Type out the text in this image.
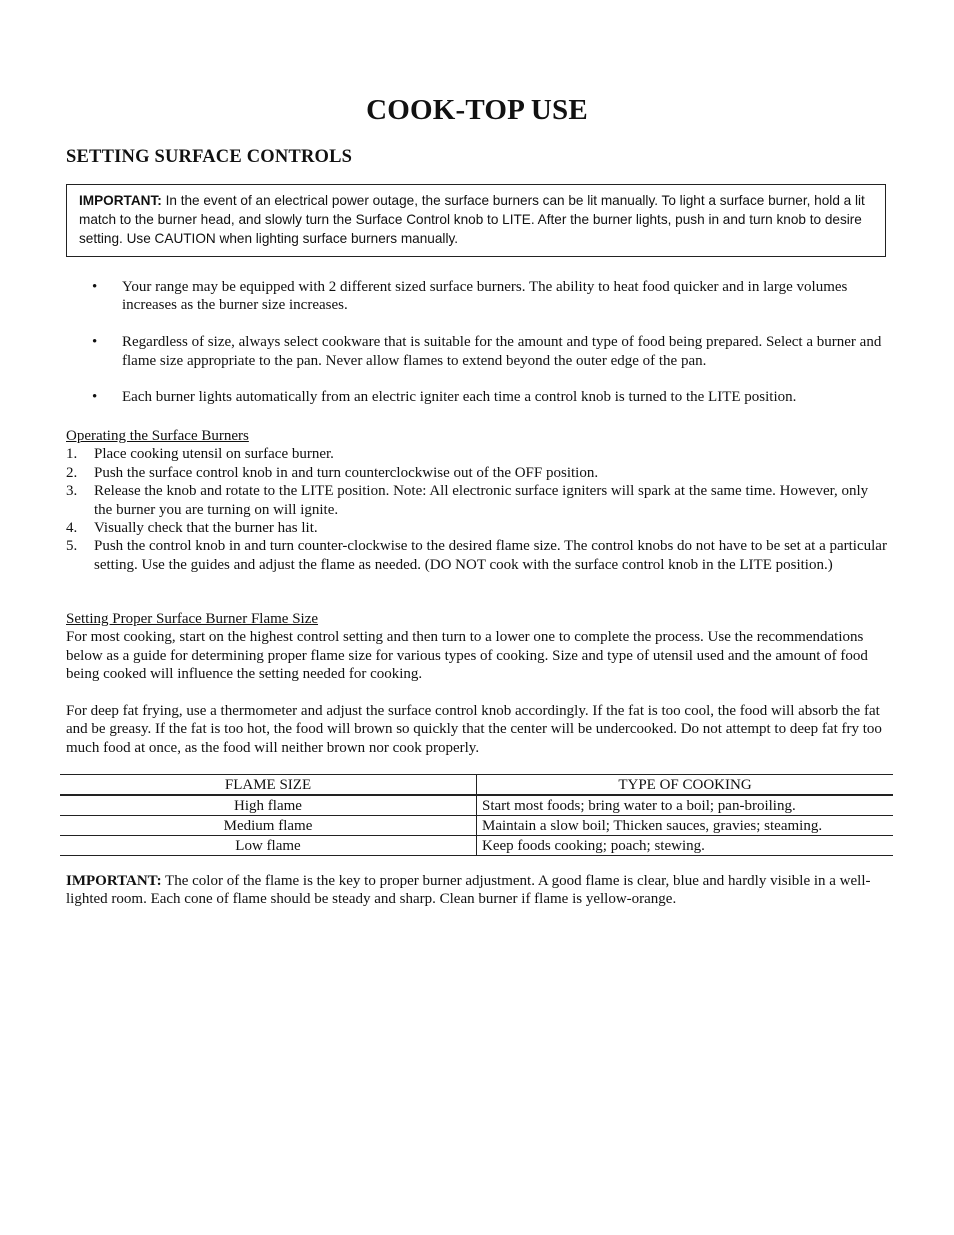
COOK-TOP USE
SETTING SURFACE CONTROLS
IMPORTANT: In the event of an electrical power outage, the surface burners can be lit manually. To light a surface burner, hold a lit match to the burner head, and slowly turn the Surface Control knob to LITE. After the burner lights, push in and turn knob to desire setting. Use CAUTION when lighting surface burners manually.
• Your range may be equipped with 2 different sized surface burners. The ability to heat food quicker and in large volumes increases as the burner size increases.
• Regardless of size, always select cookware that is suitable for the amount and type of food being prepared. Select a burner and flame size appropriate to the pan. Never allow flames to extend beyond the outer edge of the pan.
• Each burner lights automatically from an electric igniter each time a control knob is turned to the LITE position.
Operating the Surface Burners
1. Place cooking utensil on surface burner.
2. Push the surface control knob in and turn counterclockwise out of the OFF position.
3. Release the knob and rotate to the LITE position. Note: All electronic surface igniters will spark at the same time. However, only the burner you are turning on will ignite.
4. Visually check that the burner has lit.
5. Push the control knob in and turn counter-clockwise to the desired flame size. The control knobs do not have to be set at a particular setting. Use the guides and adjust the flame as needed. (DO NOT cook with the surface control knob in the LITE position.)
Setting Proper Surface Burner Flame Size

For most cooking, start on the highest control setting and then turn to a lower one to complete the process. Use the recommendations below as a guide for determining proper flame size for various types of cooking. Size and type of utensil used and the amount of food being cooked will influence the setting needed for cooking.

For deep fat frying, use a thermometer and adjust the surface control knob accordingly. If the fat is too cool, the food will absorb the fat and be greasy. If the fat is too hot, the food will brown so quickly that the center will be undercooked. Do not attempt to deep fat fry too much food at once, as the food will neither brown nor cook properly.

FLAME SIZE	TYPE OF COOKING
High flame	Start most foods; bring water to a boil; pan-broiling.
Medium flame	Maintain a slow boil; Thicken sauces, gravies; steaming.
Low flame	Keep foods cooking; poach; stewing.
IMPORTANT: The color of the flame is the key to proper burner adjustment. A good flame is clear, blue and hardly visible in a well-lighted room. Each cone of flame should be steady and sharp. Clean burner if flame is yellow-orange.
